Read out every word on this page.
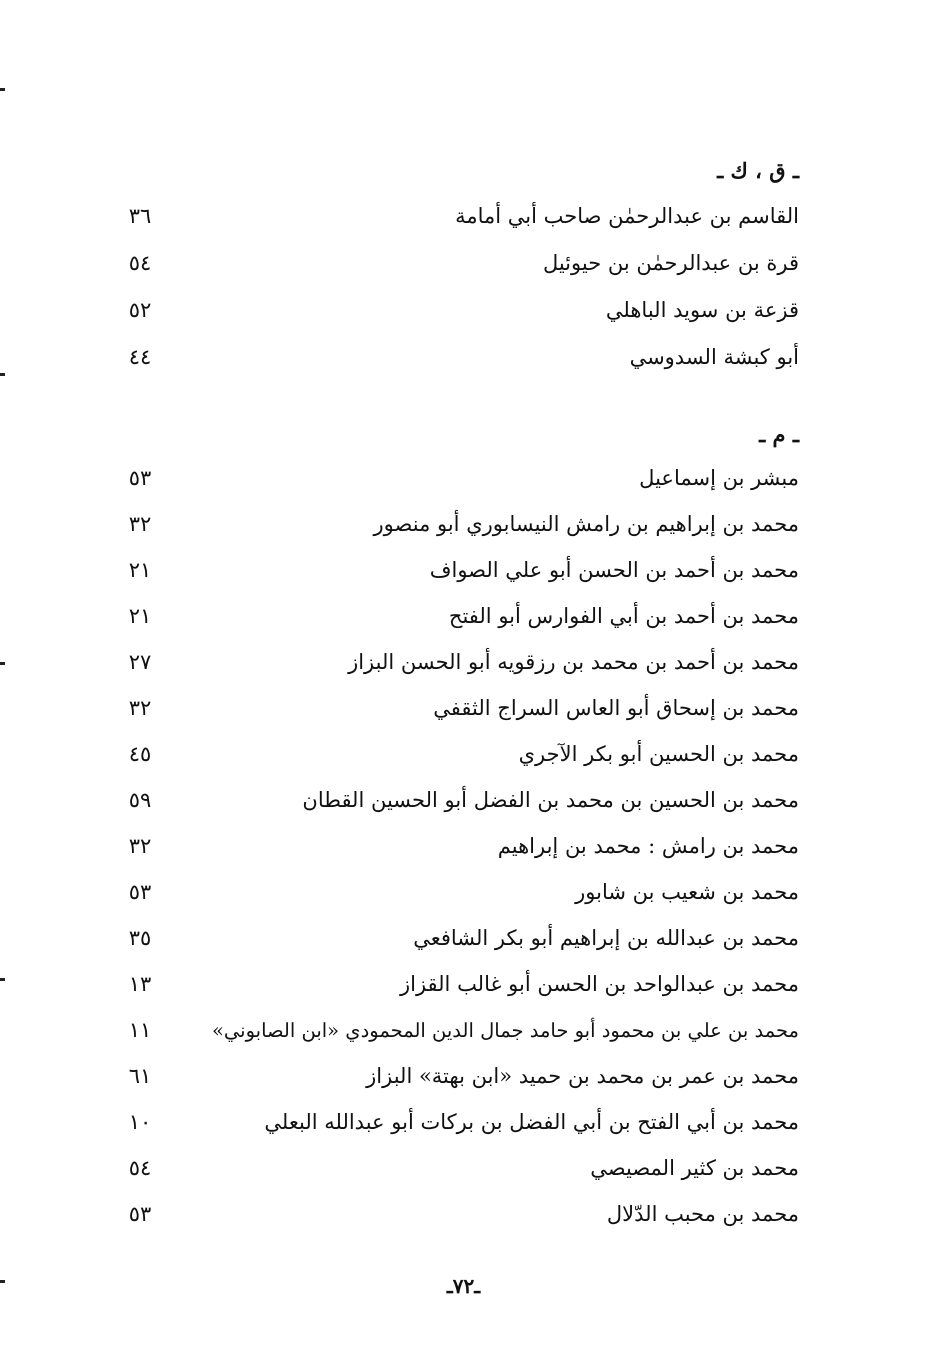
ـ ق ، ك ـ
القاسم بن عبدالرحمٰن صاحب أبي أمامة
٣٦
قرة بن عبدالرحمٰن بن حيوئيل
٥٤
قزعة بن سويد الباهلي
٥٢
أبو كبشة السدوسي
٤٤
ـ م ـ
مبشر بن إسماعيل
٥٣
محمد بن إبراهيم بن رامش النيسابوري أبو منصور
٣٢
محمد بن أحمد بن الحسن أبو علي الصواف
٢١
محمد بن أحمد بن أبي الفوارس أبو الفتح
٢١
محمد بن أحمد بن محمد بن رزقويه أبو الحسن البزاز
٢٧
محمد بن إسحاق أبو العاس السراج الثقفي
٣٢
محمد بن الحسين أبو بكر الآجري
٤٥
محمد بن الحسين بن محمد بن الفضل أبو الحسين القطان
٥٩
محمد بن رامش : محمد بن إبراهيم
٣٢
محمد بن شعيب بن شابور
٥٣
محمد بن عبدالله بن إبراهيم أبو بكر الشافعي
٣٥
محمد بن عبدالواحد بن الحسن أبو غالب القزاز
١٣
محمد بن علي بن محمود أبو حامد جمال الدين المحمودي «ابن الصابوني»
١١
محمد بن عمر بن محمد بن حميد «ابن بهتة» البزاز
٦١
محمد بن أبي الفتح بن أبي الفضل بن بركات أبو عبدالله البعلي
١٠
محمد بن كثير المصيصي
٥٤
محمد بن محبب الدّلال
٥٣
ـ٧٢ـ
